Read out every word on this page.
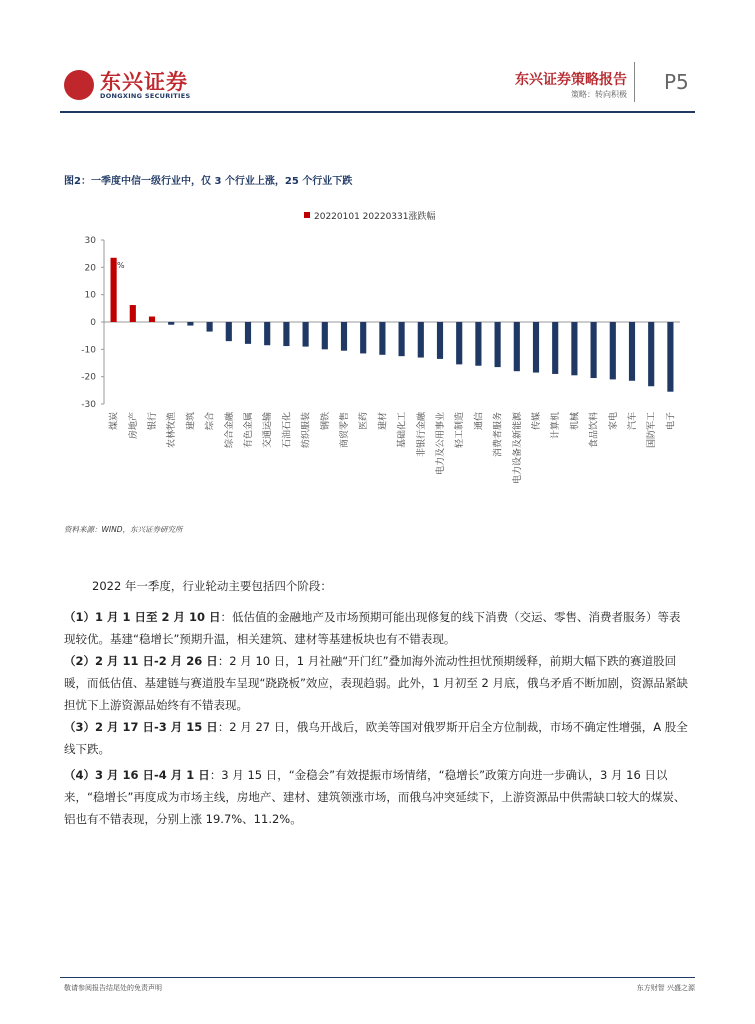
东兴证券
DONGXING SECURITIES
东兴证券策略报告
策略：转向积极
P5
图2：一季度中信一级行业中，仅 3 个行业上涨，25 个行业下跌
20220101 20220331涨跌幅
30
20
10
0
-10
-20
-30
%
煤炭 房地产 银行 农林牧渔 建筑 综合 综合金融 有色金属 交通运输 石油石化 纺织服装 钢铁 商贸零售 医药 建材 基础化工 非银行金融 电力及公用事业 轻工制造 通信 消费者服务 电力设备及新能源 传媒 计算机 机械 食品饮料 家电 汽车 国防军工 电子
资料来源：WIND，东兴证券研究所
2022 年一季度，行业轮动主要包括四个阶段：
（1）1 月 1 日至 2 月 10 日：低估值的金融地产及市场预期可能出现修复的线下消费（交运、零售、消费者服务）等表现较优。基建“稳增长”预期升温，相关建筑、建材等基建板块也有不错表现。
（2）2 月 11 日-2 月 26 日：2 月 10 日，1 月社融“开门红”叠加海外流动性担忧预期缓释，前期大幅下跌的赛道股回暖，而低估值、基建链与赛道股车呈现“跷跷板”效应，表现趋弱。此外，1 月初至 2 月底，俄乌矛盾不断加剧，资源品紧缺担忧下上游资源品始终有不错表现。
（3）2 月 17 日-3 月 15 日：2 月 27 日，俄乌开战后，欧美等国对俄罗斯开启全方位制裁，市场不确定性增强，A 股全线下跌。
（4）3 月 16 日-4 月 1 日：3 月 15 日，“金稳会”有效提振市场情绪，“稳增长”政策方向进一步确认，3 月 16 日以来，“稳增长”再度成为市场主线，房地产、建材、建筑领涨市场，而俄乌冲突延续下，上游资源品中供需缺口较大的煤炭、铝也有不错表现，分别上涨 19.7%、11.2%。
敬请参阅报告结尾处的免责声明	东方财智 兴盛之源
